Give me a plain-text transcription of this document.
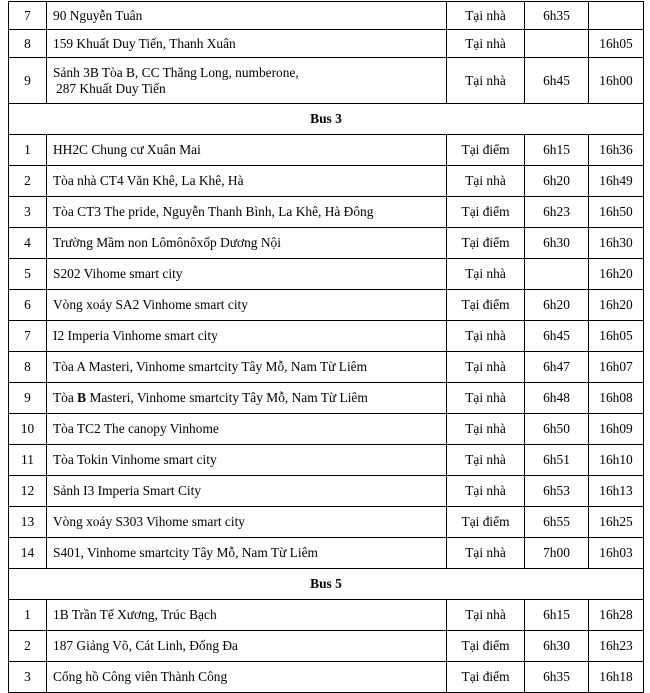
7	90 Nguyễn Tuân	Tại nhà	6h35	
8	159 Khuất Duy Tiến, Thanh Xuân	Tại nhà		16h05
9	Sảnh 3B Tòa B, CC Thăng Long, numberone,
287 Khuất Duy Tiến	Tại nhà	6h45	16h00
Bus 3				
1	HH2C Chung cư Xuân Mai	Tại điểm	6h15	16h36
2	Tòa nhà CT4 Văn Khê, La Khê, Hà	Tại nhà	6h20	16h49
3	Tòa CT3 The pride, Nguyễn Thanh Bình, La Khê, Hà Đông	Tại điểm	6h23	16h50
4	Trường Mầm non Lômônôxốp Dương Nội	Tại điểm	6h30	16h30
5	S202 Vihome smart city	Tại nhà		16h20
6	Vòng xoáy SA2 Vinhome smart city	Tại điểm	6h20	16h20
7	I2 Imperia Vinhome smart city	Tại nhà	6h45	16h05
8	Tòa A Masteri, Vinhome smartcity Tây Mỗ, Nam Từ Liêm	Tại nhà	6h47	16h07
9	Tòa B Masteri, Vinhome smartcity Tây Mỗ, Nam Từ Liêm	Tại nhà	6h48	16h08
10	Tòa TC2 The canopy Vinhome	Tại nhà	6h50	16h09
11	Tòa Tokin Vinhome smart city	Tại nhà	6h51	16h10
12	Sảnh I3 Imperia Smart City	Tại nhà	6h53	16h13
13	Vòng xoáy S303 Vihome smart city	Tại điểm	6h55	16h25
14	S401, Vinhome smartcity Tây Mỗ, Nam Từ Liêm	Tại nhà	7h00	16h03
Bus 5				
1	1B Trần Tế Xương, Trúc Bạch	Tại nhà	6h15	16h28
2	187 Giảng Võ, Cát Linh, Đống Đa	Tại điểm	6h30	16h23
3	Cổng hồ Công viên Thành Công	Tại điểm	6h35	16h18
